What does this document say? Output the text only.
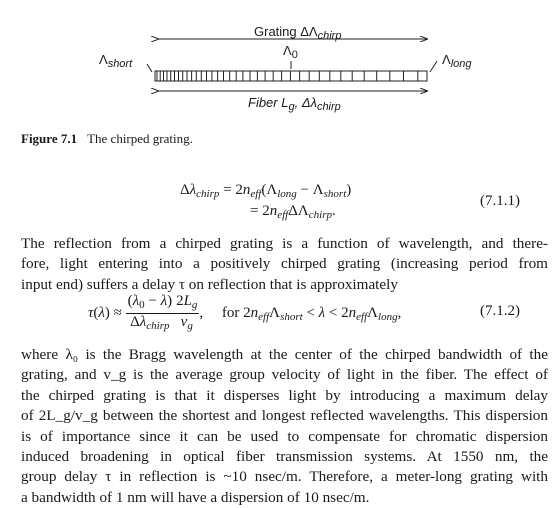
Grating $\Delta\Lambda_{chirp}$
$\Lambda_0$
$\Lambda_{short}$	$\Lambda_{long}$
Fiber $L_g$, $\Delta\lambda_{chirp}$
Figure 7.1 The chirped grating.
$\Delta\lambda_{chirp} = 2n_{eff}(\Lambda_{long} - \Lambda_{short})$
= $2n_{eff}\Delta\Lambda_{chirp}$.
(7.1.1)
The reflection from a chirped grating is a function of wavelength, and there-
fore, light entering into a positively chirped grating (increasing period from
input end) suffers a delay τ on reflection that is approximately
$\tau(\lambda) \approx \frac{(\lambda_0 - \lambda)}{\Delta\lambda_{chirp}} \frac{2L_g}{v_g}$ ,     for $2n_{eff}\Lambda_{short} < \lambda < 2n_{eff}\Lambda_{long}$,	(7.1.2)
where λ₀ is the Bragg wavelength at the center of the chirped bandwidth of the
grating, and v_g is the average group velocity of light in the fiber. The effect of
the chirped grating is that it disperses light by introducing a maximum delay
of 2L_g/v_g between the shortest and longest reflected wavelengths. This dispersion
is of importance since it can be used to compensate for chromatic dispersion
induced broadening in optical fiber transmission systems. At 1550 nm, the
group delay τ in reflection is ~10 nsec/m. Therefore, a meter-long grating with
a bandwidth of 1 nm will have a dispersion of 10 nsec/m.
